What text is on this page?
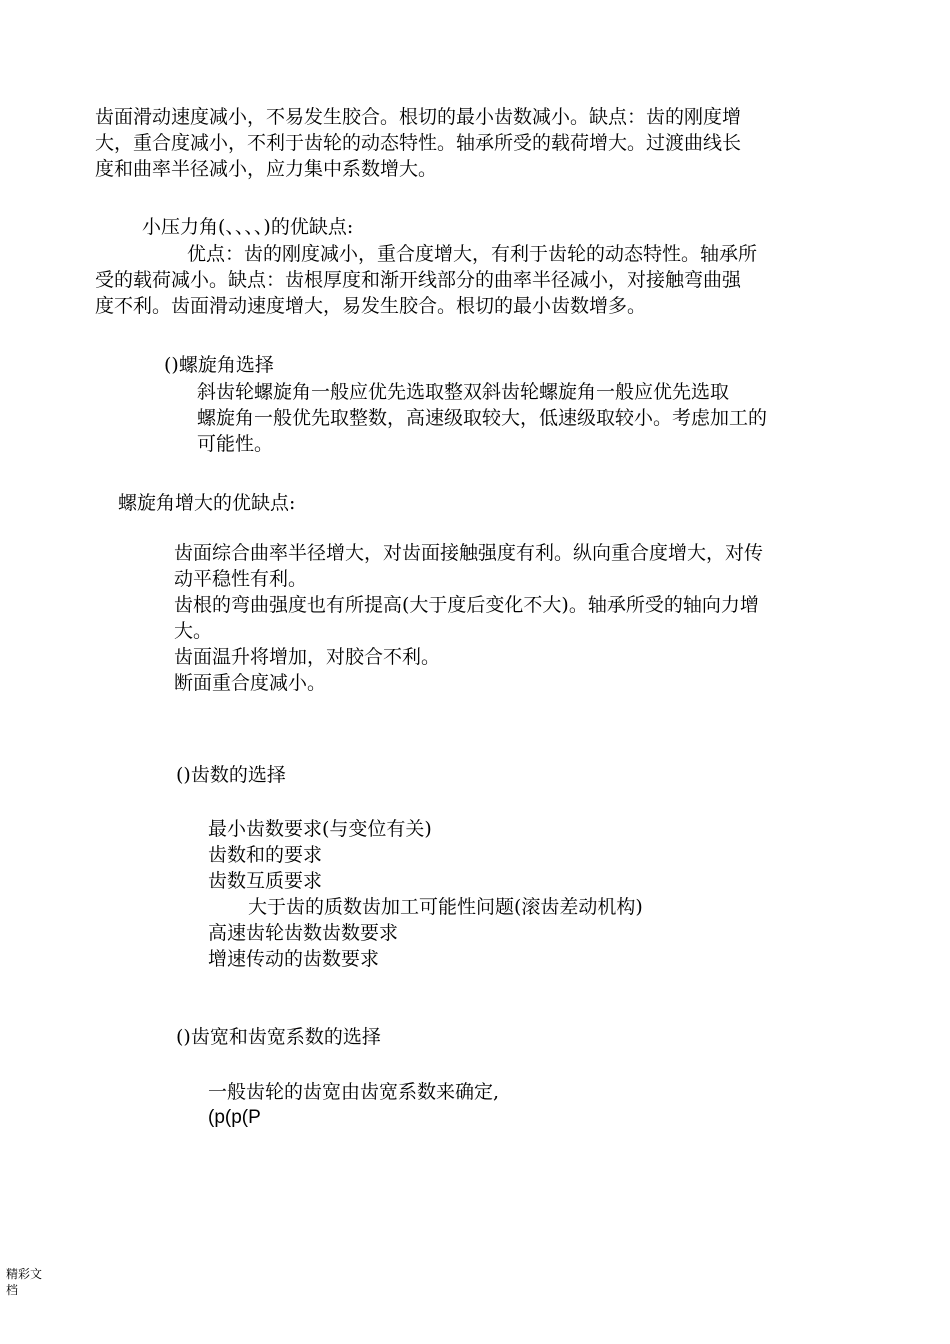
齿面滑动速度减小，不易发生胶合。根切的最小齿数减小。缺点：齿的刚度增
大，重合度减小，不利于齿轮的动态特性。轴承所受的载荷增大。过渡曲线长
度和曲率半径减小，应力集中系数增大。
小压力角(、、、、)的优缺点:
优点：齿的刚度减小，重合度增大，有利于齿轮的动态特性。轴承所
受的载荷减小。缺点：齿根厚度和渐开线部分的曲率半径减小，对接触弯曲强
度不利。齿面滑动速度增大，易发生胶合。根切的最小齿数增多。
()螺旋角选择
斜齿轮螺旋角一般应优先选取整双斜齿轮螺旋角一般应优先选取
螺旋角一般优先取整数，高速级取较大，低速级取较小。考虑加工的
可能性。
螺旋角增大的优缺点:
齿面综合曲率半径增大，对齿面接触强度有利。纵向重合度增大，对传
动平稳性有利。
齿根的弯曲强度也有所提高(大于度后变化不大)。轴承所受的轴向力增
大。
齿面温升将增加，对胶合不利。
断面重合度减小。
()齿数的选择
最小齿数要求(与变位有关)
齿数和的要求
齿数互质要求
大于齿的质数齿加工可能性问题(滚齿差动机构)
高速齿轮齿数齿数要求
增速传动的齿数要求
()齿宽和齿宽系数的选择
一般齿轮的齿宽由齿宽系数来确定,
(p(p(P
精彩文
档
